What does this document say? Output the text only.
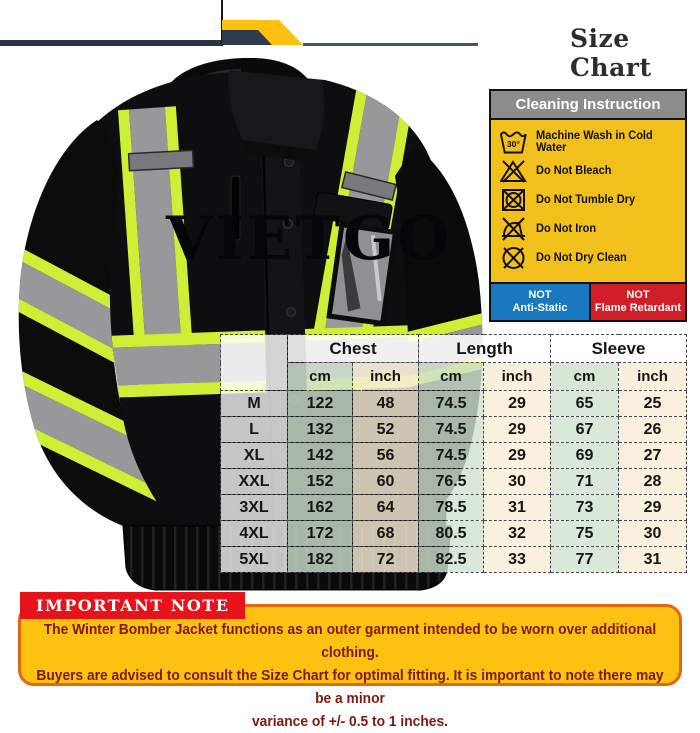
Size Chart
VIETGO
Cleaning Instruction
30°
Machine Wash in Cold Water
Do Not Bleach
Do Not Tumble Dry
Do Not Iron
Do Not Dry Clean
NOT
Anti-Static
NOT
Flame Retardant
	Chest		Length		Sleeve	
	cm	inch	cm	inch	cm	inch
M	122	48	74.5	29	65	25
L	132	52	74.5	29	67	26
XL	142	56	74.5	29	69	27
XXL	152	60	76.5	30	71	28
3XL	162	64	78.5	31	73	29
4XL	172	68	80.5	32	75	30
5XL	182	72	82.5	33	77	31
IMPORTANT NOTE
The Winter Bomber Jacket functions as an outer garment intended to be worn over additional clothing.
Buyers are advised to consult the Size Chart for optimal fitting. It is important to note there may be a minor
variance of +/- 0.5 to 1 inches.
